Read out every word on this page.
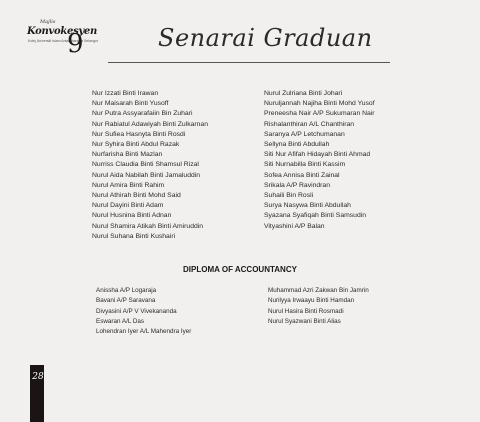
Majlis
Konvokesyen
Kolej Universiti Islam Antarabangsa Selangor
9	Senarai Graduan
Nur Izzati Binti Irawan
Nur Maisarah Binti Yusoff
Nur Putra Assyarafaiin Bin Zuhari
Nur Rabiatul Adawiyah Binti Zulkarnan
Nur Sufiea Hasnyta Binti Rosdi
Nur Syhira Binti Abdul Razak
Nurfarisha Binti Mazlan
Nurriss Claudia Binti Shamsul Rizal
Nurul Aida Nabilah Binti Jamaluddin
Nurul Amira Binti Rahim
Nurul Athirah Binti Mohd Said
Nurul Dayini Binti Adam
Nurul Husnina Binti Adnan
Nurul Shamira Atikah Binti Amiruddin
Nurul Suhana Binti Kushairi
Nurul Zulriana Binti Johari
Nuruljannah Najiha Binti Mohd Yusof
Preneesha Nair A/P Sukumaran Nair
Rishalanthiran A/L Chanthiran
Saranya A/P Letchumanan
Sellyna Binti Abdullah
Siti Nur Afifah Hidayah Binti Ahmad
Siti Nurnabilla Binti Kassim
Sofea Annisa Binti Zainal
Srikala A/P Ravindran
Suhaili Bin Rosli
Surya Nasywa Binti Abdullah
Syazana Syafiqah Binti Samsudin
Vityashini A/P Balan
DIPLOMA OF ACCOUNTANCY
Anissha A/P Logaraja
Bavani A/P Saravana
Divyasini A/P V Vivekananda
Eswaran A/L Das
Lohendran Iyer A/L Mahendra Iyer
Muhammad Azri Zakwan Bin Jamrin
Nurilyya Irwaayu Binti Hamdan
Nurul Hasira Binti Rosmadi
Nurul Syazwani Binti Alias
28
